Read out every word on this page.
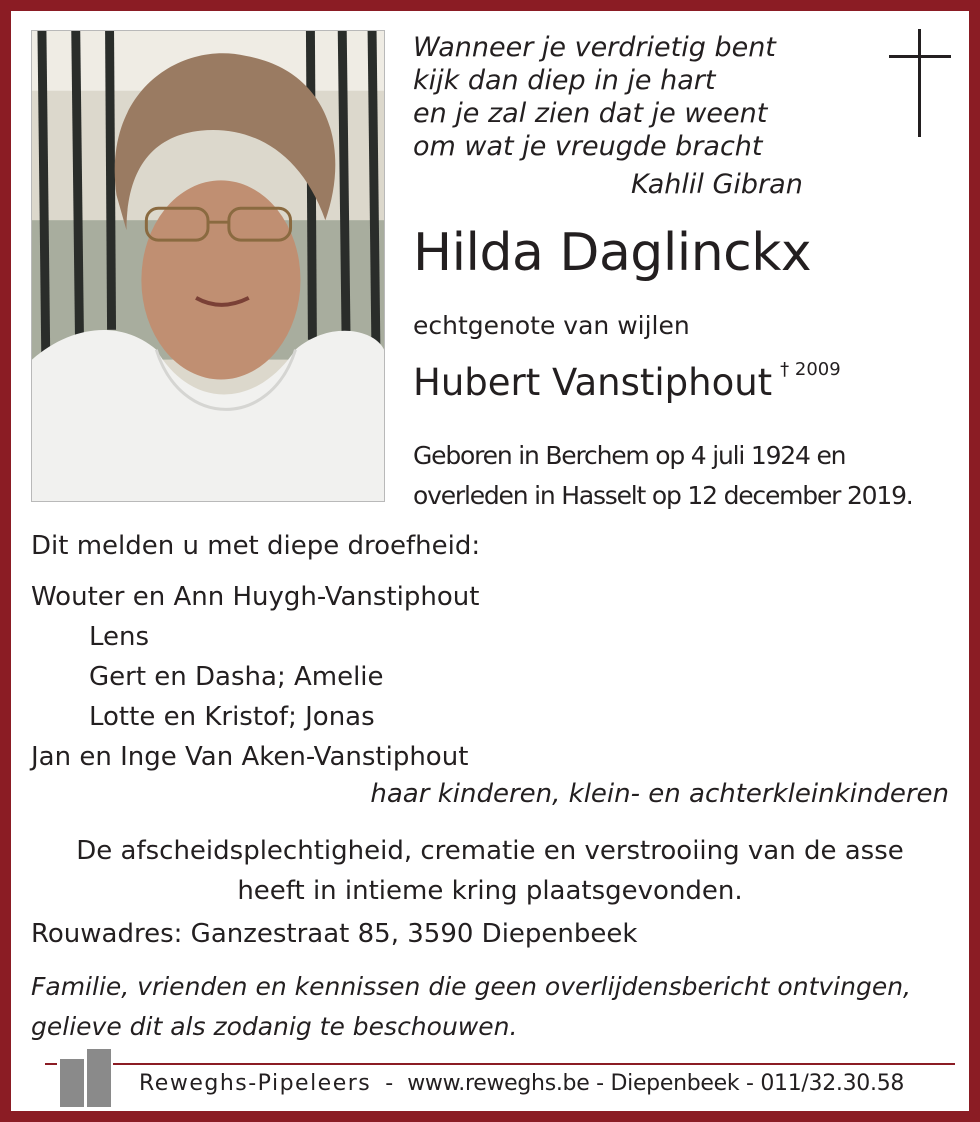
Wanneer je verdrietig bent
kijk dan diep in je hart
en je zal zien dat je weent
om wat je vreugde bracht
Kahlil Gibran
Hilda Daglinckx
echtgenote van wijlen
Hubert Vanstiphout $^{\dagger 2009}$
Geboren in Berchem op 4 juli 1924 en
overleden in Hasselt op 12 december 2019.
Dit melden u met diepe droefheid:
Wouter en Ann Huygh-Vanstiphout
Lens
Gert en Dasha; Amelie
Lotte en Kristof; Jonas
Jan en Inge Van Aken-Vanstiphout
haar kinderen, klein- en achterkleinkinderen
De afscheidsplechtigheid, crematie en verstrooiing van de asse
heeft in intieme kring plaatsgevonden.
Rouwadres: Ganzestraat 85, 3590 Diepenbeek
Familie, vrienden en kennissen die geen overlijdensbericht ontvingen,
gelieve dit als zodanig te beschouwen.
Reweghs-Pipeleers - www.reweghs.be - Diepenbeek - 011/32.30.58
